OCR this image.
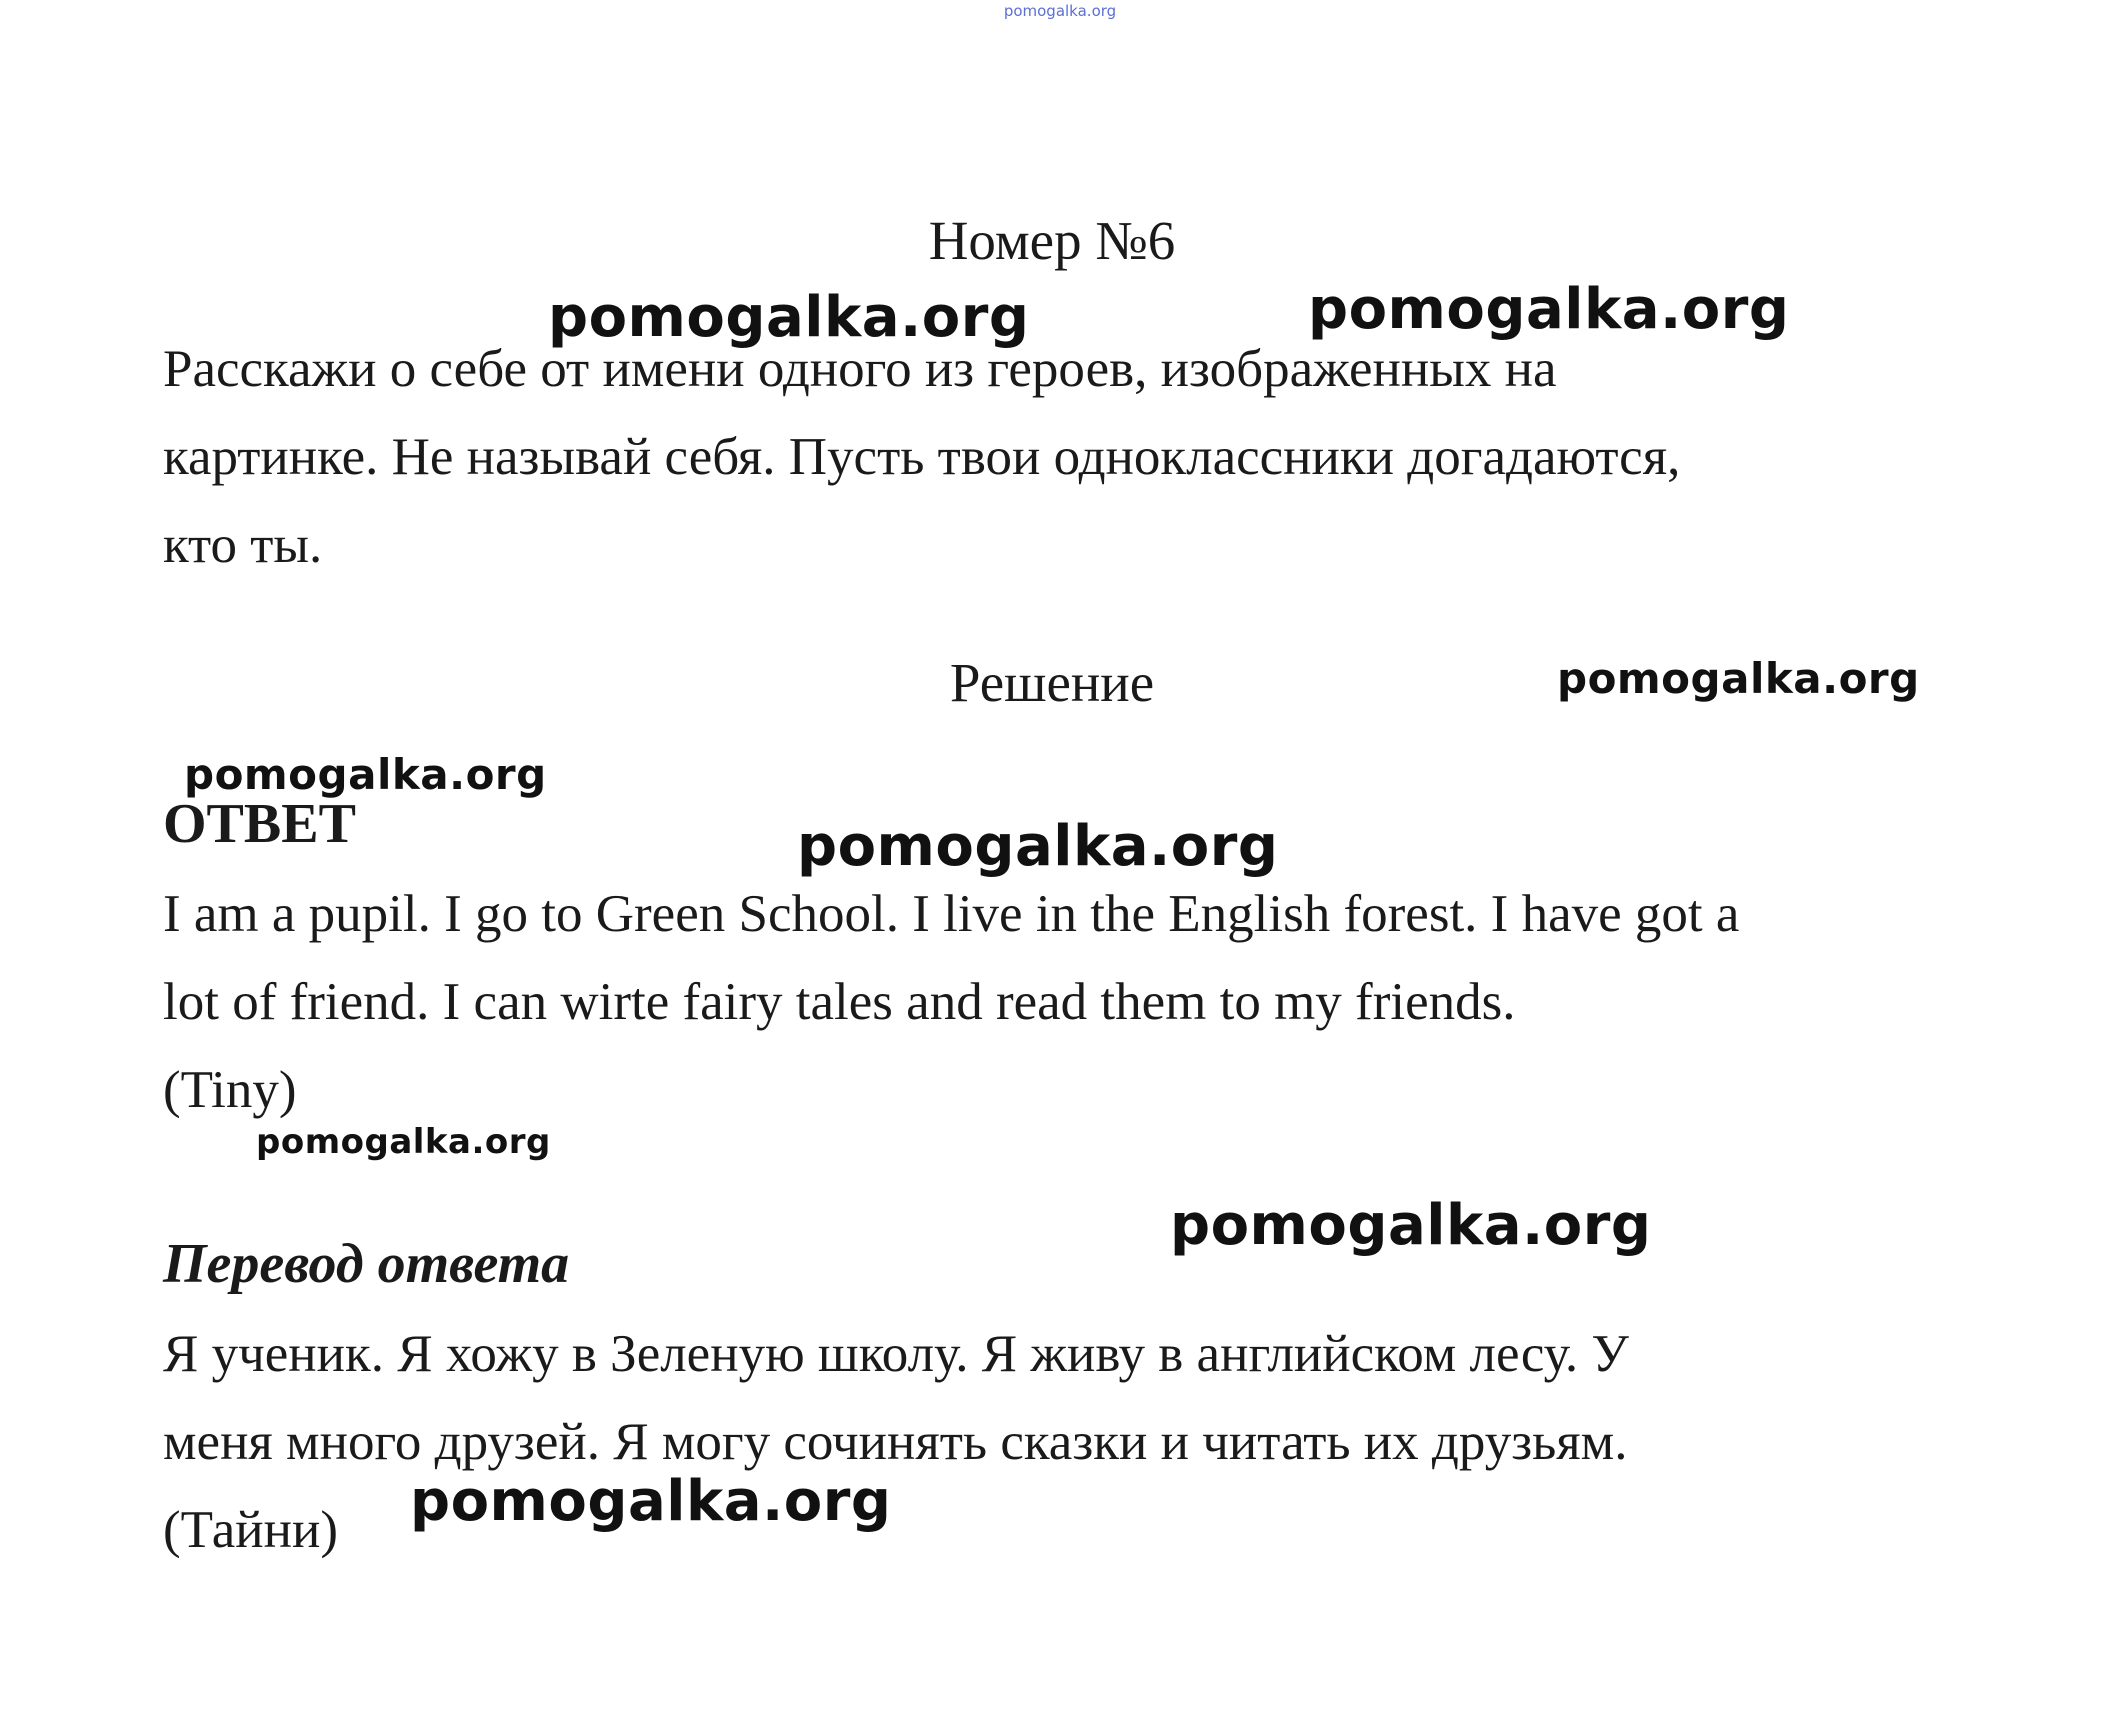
pomogalka.org
Номер №6

Расскажи о себе от имени одного из героев, изображенных на
картинке. Не называй себя. Пусть твои одноклассники догадаются,
кто ты.

Решение
ОТВЕТ

I am a pupil. I go to Green School. I live in the English forest. I have got a
lot of friend. I can wirte fairy tales and read them to my friends.
(Tiny)

Перевод ответа

Я ученик. Я хожу в Зеленую школу. Я живу в английском лесу. У
меня много друзей. Я могу сочинять сказки и читать их друзьям.
(Тайни)

pomogalka.org	pomogalka.org
pomogalka.org
pomogalka.org
pomogalka.org
pomogalka.org
pomogalka.org
pomogalka.org
